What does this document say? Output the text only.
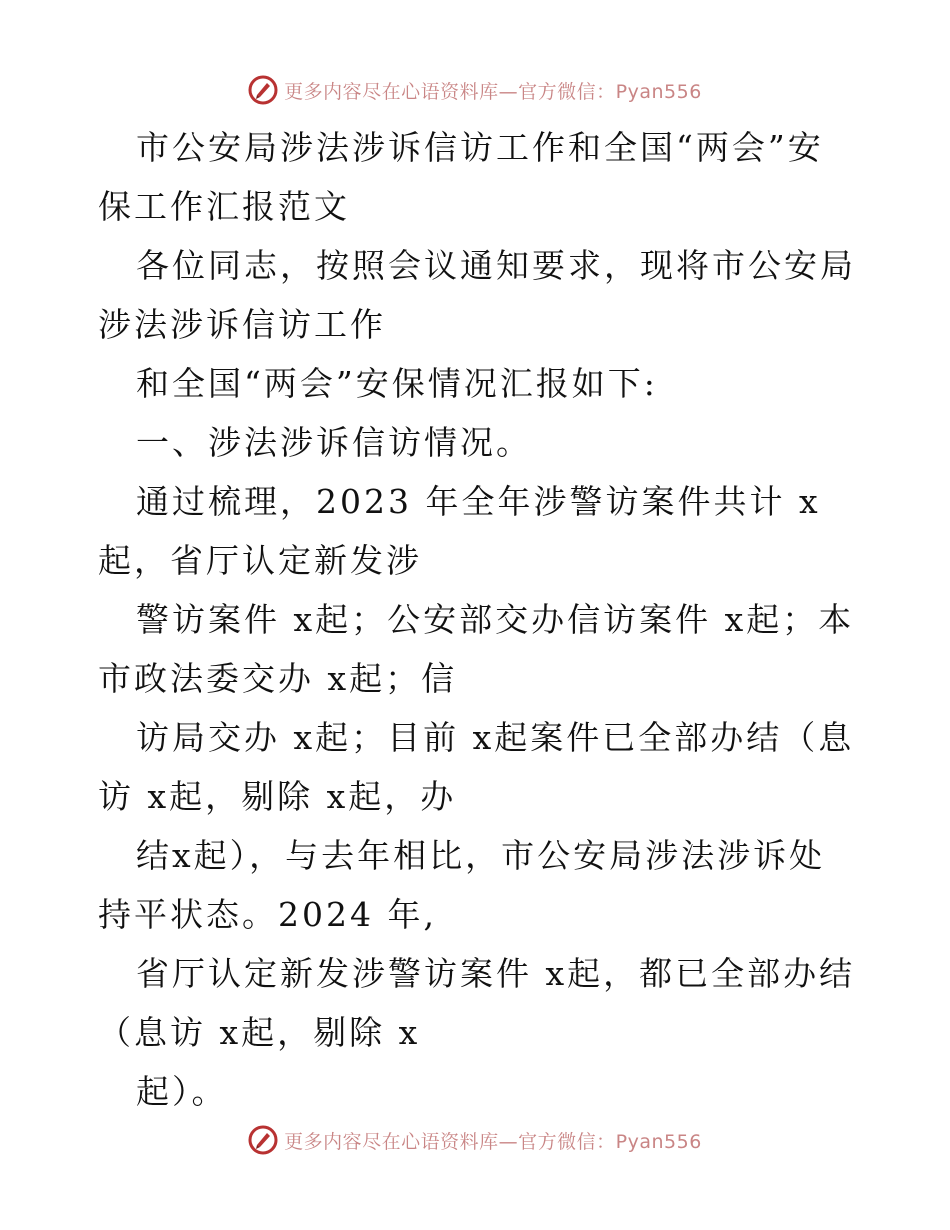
更多内容尽在心语资料库—官方微信：Pyan556

市公安局涉法涉诉信访工作和全国“两会”安保工作汇报范文

各位同志，按照会议通知要求，现将市公安局涉法涉诉信访工作

和全国“两会”安保情况汇报如下:

一、涉法涉诉信访情况。

通过梳理，2023 年全年涉警访案件共计 x起，省厅认定新发涉

警访案件 x起；公安部交办信访案件 x起；本市政法委交办 x起；信

访局交办 x起；目前 x起案件已全部办结（息访 x起，剔除 x起，办

结x起），与去年相比，市公安局涉法涉诉处持平状态。2024 年,

省厅认定新发涉警访案件 x起，都已全部办结（息访 x起，剔除 x

起）。

更多内容尽在心语资料库—官方微信：Pyan556
